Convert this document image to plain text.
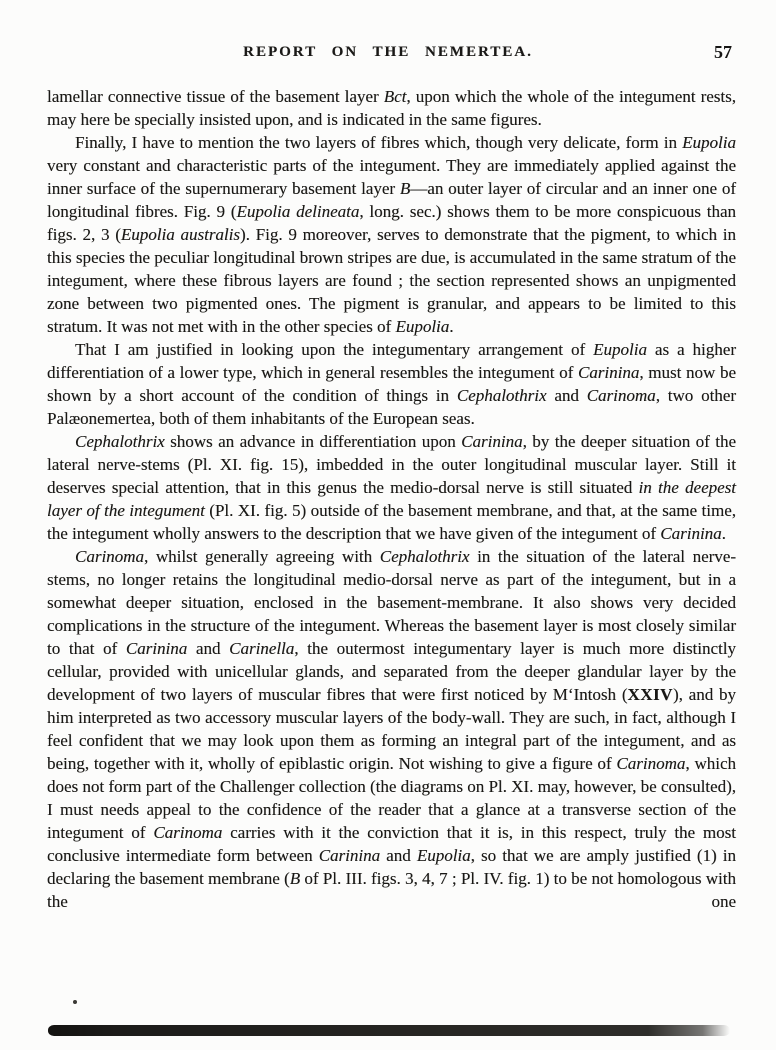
REPORT ON THE NEMERTEA.	57

lamellar connective tissue of the basement layer Bct, upon which the whole of the integument rests, may here be specially insisted upon, and is indicated in the same figures.

Finally, I have to mention the two layers of fibres which, though very delicate, form in Eupolia very constant and characteristic parts of the integument. They are immediately applied against the inner surface of the supernumerary basement layer B—an outer layer of circular and an inner one of longitudinal fibres. Fig. 9 (Eupolia delineata, long. sec.) shows them to be more conspicuous than figs. 2, 3 (Eupolia australis). Fig. 9 moreover, serves to demonstrate that the pigment, to which in this species the peculiar longitudinal brown stripes are due, is accumulated in the same stratum of the integument, where these fibrous layers are found ; the section represented shows an unpigmented zone between two pigmented ones. The pigment is granular, and appears to be limited to this stratum. It was not met with in the other species of Eupolia.

That I am justified in looking upon the integumentary arrangement of Eupolia as a higher differentiation of a lower type, which in general resembles the integument of Carinina, must now be shown by a short account of the condition of things in Cephalothrix and Carinoma, two other Palæonemertea, both of them inhabitants of the European seas.

Cephalothrix shows an advance in differentiation upon Carinina, by the deeper situation of the lateral nerve-stems (Pl. XI. fig. 15), imbedded in the outer longitudinal muscular layer. Still it deserves special attention, that in this genus the medio-dorsal nerve is still situated in the deepest layer of the integument (Pl. XI. fig. 5) outside of the basement membrane, and that, at the same time, the integument wholly answers to the description that we have given of the integument of Carinina.

Carinoma, whilst generally agreeing with Cephalothrix in the situation of the lateral nerve-stems, no longer retains the longitudinal medio-dorsal nerve as part of the integument, but in a somewhat deeper situation, enclosed in the basement-membrane. It also shows very decided complications in the structure of the integument. Whereas the basement layer is most closely similar to that of Carinina and Carinella, the outermost integumentary layer is much more distinctly cellular, provided with unicellular glands, and separated from the deeper glandular layer by the development of two layers of muscular fibres that were first noticed by M‘Intosh (XXIV), and by him interpreted as two accessory muscular layers of the body-wall. They are such, in fact, although I feel confident that we may look upon them as forming an integral part of the integument, and as being, together with it, wholly of epiblastic origin. Not wishing to give a figure of Carinoma, which does not form part of the Challenger collection (the diagrams on Pl. XI. may, however, be consulted), I must needs appeal to the confidence of the reader that a glance at a transverse section of the integument of Carinoma carries with it the conviction that it is, in this respect, truly the most conclusive intermediate form between Carinina and Eupolia, so that we are amply justified (1) in declaring the basement membrane (B of Pl. III. figs. 3, 4, 7 ; Pl. IV. fig. 1) to be not homologous with the one
